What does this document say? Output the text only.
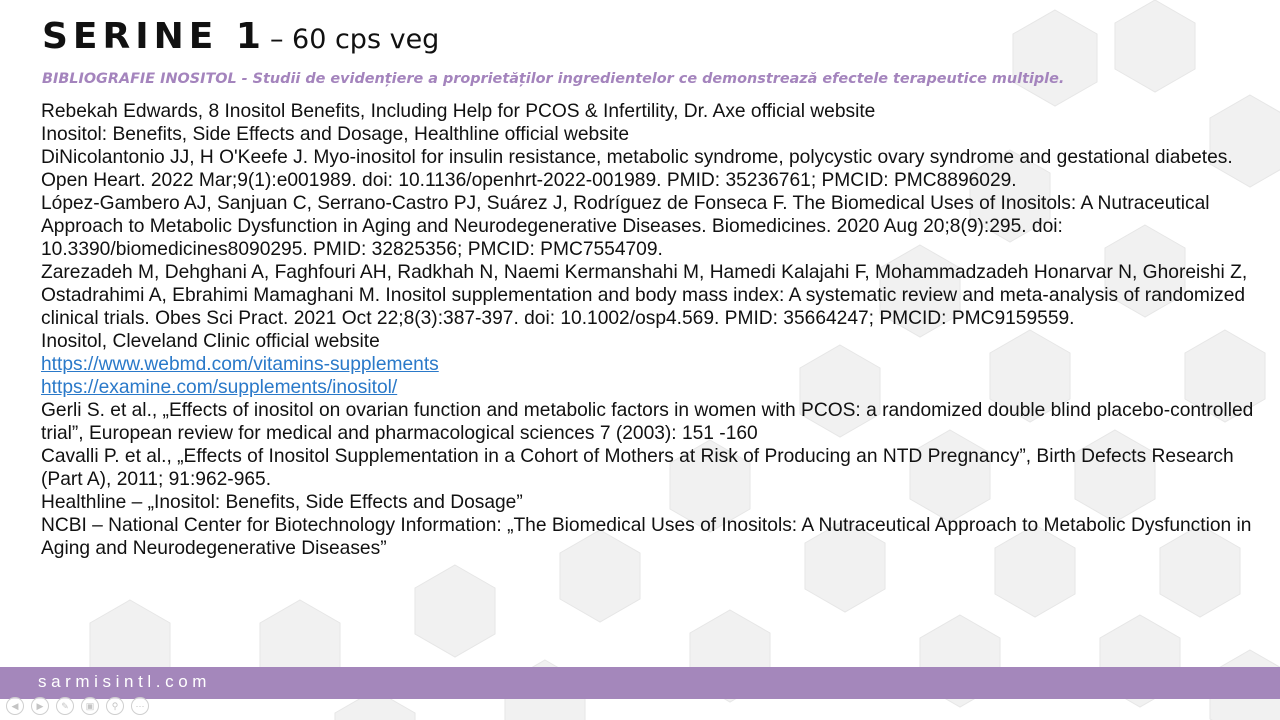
SERINE 1 – 60 cps veg
BIBLIOGRAFIE INOSITOL - Studii de evidențiere a proprietăților ingredientelor ce demonstrează efectele terapeutice multiple.
Rebekah Edwards, 8 Inositol Benefits, Including Help for PCOS & Infertility, Dr. Axe official website
Inositol: Benefits, Side Effects and Dosage, Healthline official website
DiNicolantonio JJ, H O'Keefe J. Myo-inositol for insulin resistance, metabolic syndrome, polycystic ovary syndrome and gestational diabetes. Open Heart. 2022 Mar;9(1):e001989. doi: 10.1136/openhrt-2022-001989. PMID: 35236761; PMCID: PMC8896029.
López-Gambero AJ, Sanjuan C, Serrano-Castro PJ, Suárez J, Rodríguez de Fonseca F. The Biomedical Uses of Inositols: A Nutraceutical Approach to Metabolic Dysfunction in Aging and Neurodegenerative Diseases. Biomedicines. 2020 Aug 20;8(9):295. doi: 10.3390/biomedicines8090295. PMID: 32825356; PMCID: PMC7554709.
Zarezadeh M, Dehghani A, Faghfouri AH, Radkhah N, Naemi Kermanshahi M, Hamedi Kalajahi F, Mohammadzadeh Honarvar N, Ghoreishi Z, Ostadrahimi A, Ebrahimi Mamaghani M. Inositol supplementation and body mass index: A systematic review and meta-analysis of randomized clinical trials. Obes Sci Pract. 2021 Oct 22;8(3):387-397. doi: 10.1002/osp4.569. PMID: 35664247; PMCID: PMC9159559.
Inositol, Cleveland Clinic official website
https://www.webmd.com/vitamins-supplements
https://examine.com/supplements/inositol/
Gerli S. et al., „Effects of inositol on ovarian function and metabolic factors in women with PCOS: a randomized double blind placebo-controlled trial”, European review for medical and pharmacological sciences 7 (2003): 151 -160
Cavalli P. et al., „Effects of Inositol Supplementation in a Cohort of Mothers at Risk of Producing an NTD Pregnancy”, Birth Defects Research (Part A), 2011; 91:962-965.
Healthline – „Inositol: Benefits, Side Effects and Dosage”
NCBI – National Center for Biotechnology Information: „The Biomedical Uses of Inositols: A Nutraceutical Approach to Metabolic Dysfunction in Aging and Neurodegenerative Diseases”
sarmisintl.com
◀	▶	✎	▣	⚲	⋯
